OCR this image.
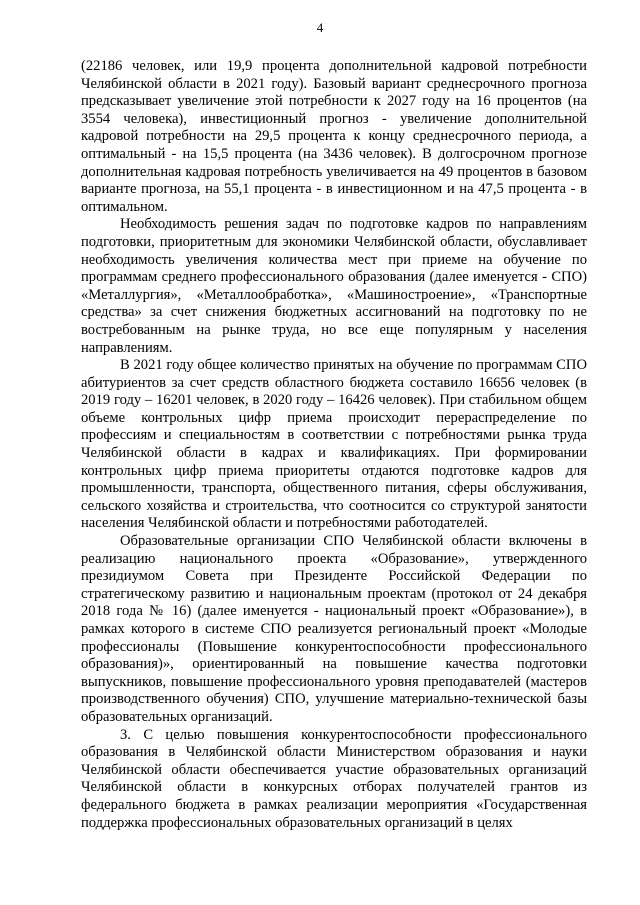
4

(22186 человек, или 19,9 процента дополнительной кадровой потребности Челябинской области в 2021 году). Базовый вариант среднесрочного прогноза предсказывает увеличение этой потребности к 2027 году на 16 процентов (на 3554 человека), инвестиционный прогноз - увеличение дополнительной кадровой потребности на 29,5 процента к концу среднесрочного периода, а оптимальный - на 15,5 процента (на 3436 человек). В долгосрочном прогнозе дополнительная кадровая потребность увеличивается на 49 процентов в базовом варианте прогноза, на 55,1 процента - в инвестиционном и на 47,5 процента - в оптимальном.

Необходимость решения задач по подготовке кадров по направлениям подготовки, приоритетным для экономики Челябинской области, обуславливает необходимость увеличения количества мест при приеме на обучение по программам среднего профессионального образования (далее именуется - СПО) «Металлургия», «Металлообработка», «Машиностроение», «Транспортные средства» за счет снижения бюджетных ассигнований на подготовку по не востребованным на рынке труда, но все еще популярным у населения направлениям.

В 2021 году общее количество принятых на обучение по программам СПО абитуриентов за счет средств областного бюджета составило 16656 человек (в 2019 году – 16201 человек, в 2020 году – 16426 человек). При стабильном общем объеме контрольных цифр приема происходит перераспределение по профессиям и специальностям в соответствии с потребностями рынка труда Челябинской области в кадрах и квалификациях. При формировании контрольных цифр приема приоритеты отдаются подготовке кадров для промышленности, транспорта, общественного питания, сферы обслуживания, сельского хозяйства и строительства, что соотносится со структурой занятости населения Челябинской области и потребностями работодателей.

Образовательные организации СПО Челябинской области включены в реализацию национального проекта «Образование», утвержденного президиумом Совета при Президенте Российской Федерации по стратегическому развитию и национальным проектам (протокол от 24 декабря 2018 года № 16) (далее именуется - национальный проект «Образование»), в рамках которого в системе СПО реализуется региональный проект «Молодые профессионалы (Повышение конкурентоспособности профессионального образования)», ориентированный на повышение качества подготовки выпускников, повышение профессионального уровня преподавателей (мастеров производственного обучения) СПО, улучшение материально-технической базы образовательных организаций.

3. С целью повышения конкурентоспособности профессионального образования в Челябинской области Министерством образования и науки Челябинской области обеспечивается участие образовательных организаций Челябинской области в конкурсных отборах получателей грантов из федерального бюджета в рамках реализации мероприятия «Государственная поддержка профессиональных образовательных организаций в целях
